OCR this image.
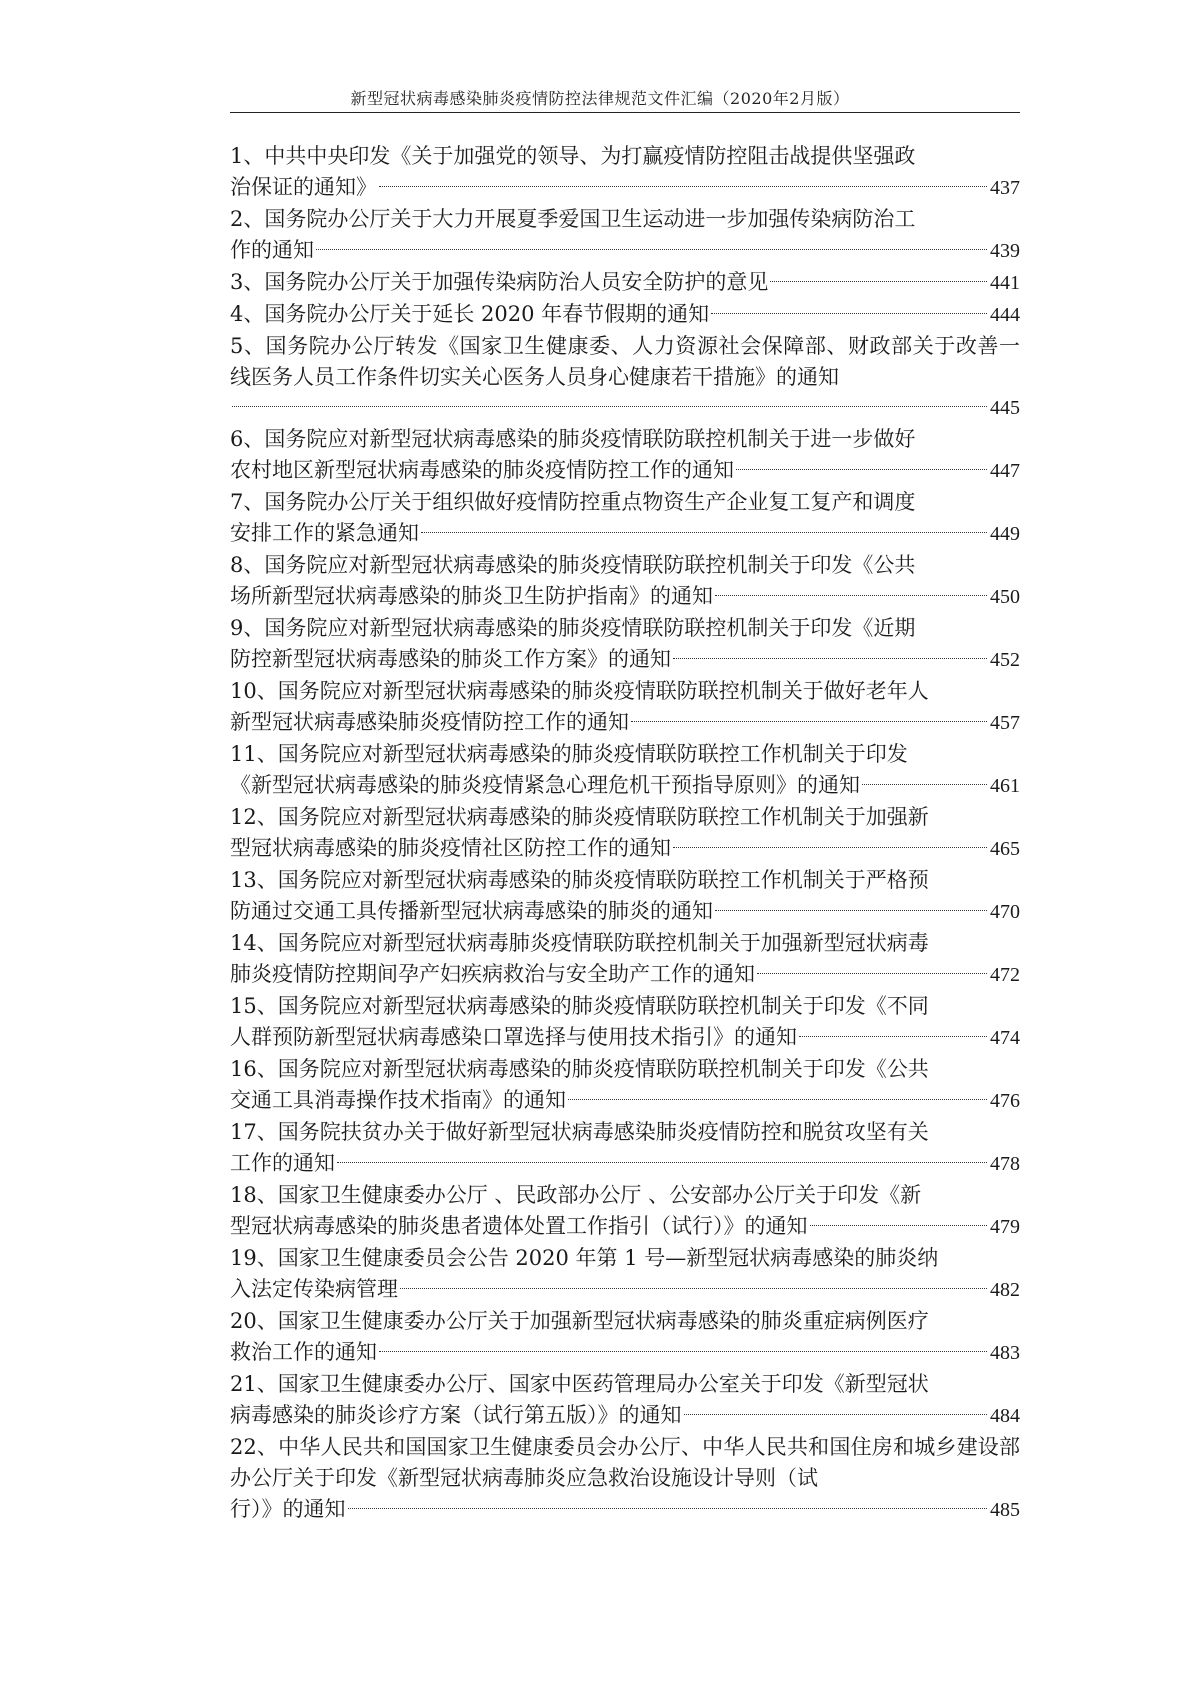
新型冠状病毒感染肺炎疫情防控法律规范文件汇编（2020年2月版）
1、中共中央印发《关于加强党的领导、为打赢疫情防控阻击战提供坚强政
治保证的通知》	437
2、国务院办公厅关于大力开展夏季爱国卫生运动进一步加强传染病防治工
作的通知	439
3、国务院办公厅关于加强传染病防治人员安全防护的意见	441
4、国务院办公厅关于延长 2020 年春节假期的通知	444
5、国务院办公厅转发《国家卫生健康委、人力资源社会保障部、财政部关于改善一线医务人员工作条件切实关心医务人员身心健康若干措施》的通知
445
6、国务院应对新型冠状病毒感染的肺炎疫情联防联控机制关于进一步做好
农村地区新型冠状病毒感染的肺炎疫情防控工作的通知	447
7、国务院办公厅关于组织做好疫情防控重点物资生产企业复工复产和调度
安排工作的紧急通知	449
8、国务院应对新型冠状病毒感染的肺炎疫情联防联控机制关于印发《公共
场所新型冠状病毒感染的肺炎卫生防护指南》的通知	450
9、国务院应对新型冠状病毒感染的肺炎疫情联防联控机制关于印发《近期
防控新型冠状病毒感染的肺炎工作方案》的通知	452
10、国务院应对新型冠状病毒感染的肺炎疫情联防联控机制关于做好老年人
新型冠状病毒感染肺炎疫情防控工作的通知	457
11、国务院应对新型冠状病毒感染的肺炎疫情联防联控工作机制关于印发
《新型冠状病毒感染的肺炎疫情紧急心理危机干预指导原则》的通知	461
12、国务院应对新型冠状病毒感染的肺炎疫情联防联控工作机制关于加强新
型冠状病毒感染的肺炎疫情社区防控工作的通知	465
13、国务院应对新型冠状病毒感染的肺炎疫情联防联控工作机制关于严格预
防通过交通工具传播新型冠状病毒感染的肺炎的通知	470
14、国务院应对新型冠状病毒肺炎疫情联防联控机制关于加强新型冠状病毒
肺炎疫情防控期间孕产妇疾病救治与安全助产工作的通知	472
15、国务院应对新型冠状病毒感染的肺炎疫情联防联控机制关于印发《不同
人群预防新型冠状病毒感染口罩选择与使用技术指引》的通知	474
16、国务院应对新型冠状病毒感染的肺炎疫情联防联控机制关于印发《公共
交通工具消毒操作技术指南》的通知	476
17、国务院扶贫办关于做好新型冠状病毒感染肺炎疫情防控和脱贫攻坚有关
工作的通知	478
18、国家卫生健康委办公厅 、民政部办公厅 、公安部办公厅关于印发《新
型冠状病毒感染的肺炎患者遗体处置工作指引（试行）》的通知	479
19、国家卫生健康委员会公告 2020 年第 1 号—新型冠状病毒感染的肺炎纳
入法定传染病管理	482
20、国家卫生健康委办公厅关于加强新型冠状病毒感染的肺炎重症病例医疗
救治工作的通知	483
21、国家卫生健康委办公厅、国家中医药管理局办公室关于印发《新型冠状
病毒感染的肺炎诊疗方案（试行第五版）》的通知	484
22、中华人民共和国国家卫生健康委员会办公厅、中华人民共和国住房和城乡建设部办公厅关于印发《新型冠状病毒肺炎应急救治设施设计导则（试
行）》的通知	485
